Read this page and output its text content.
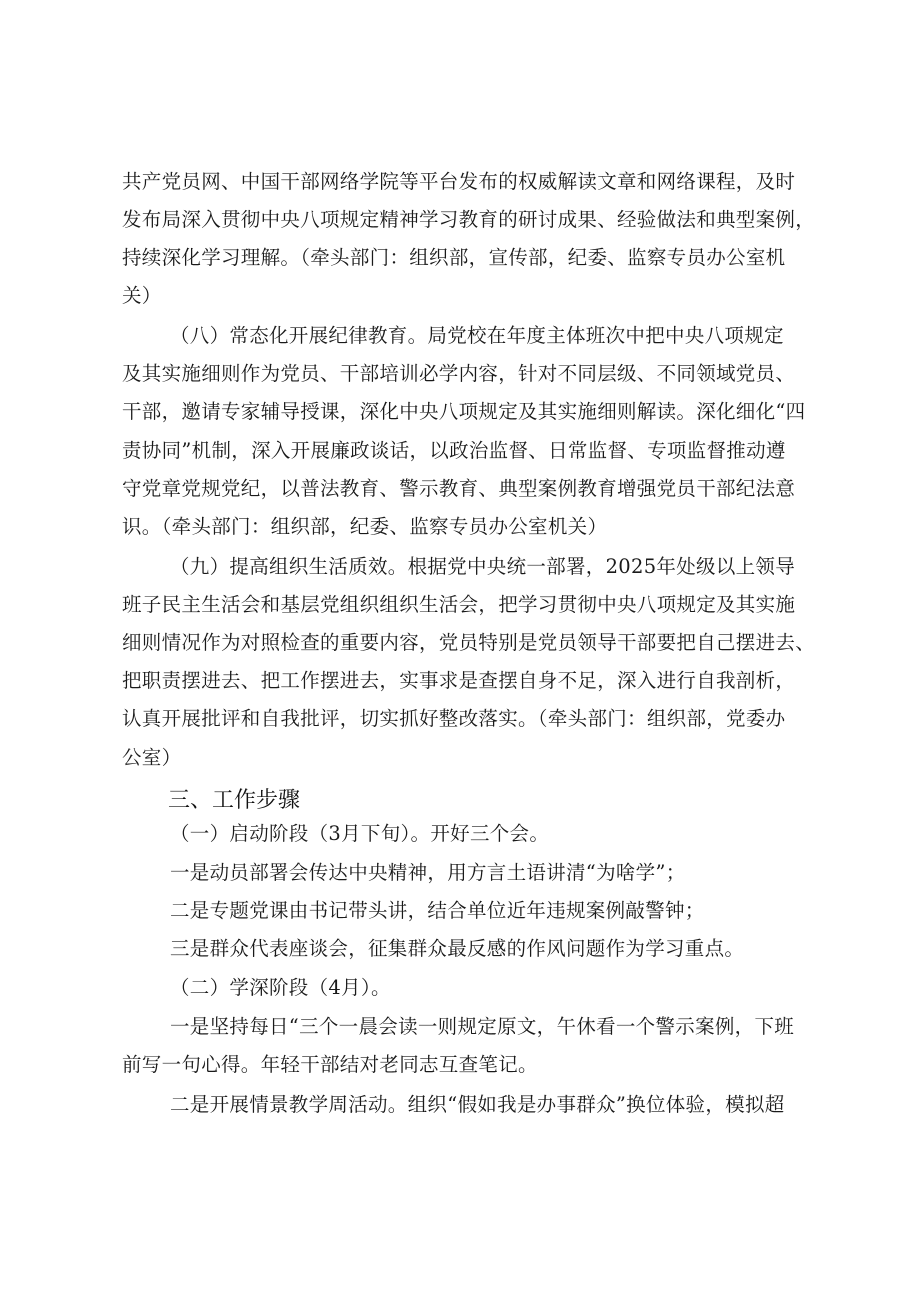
共产党员网、中国干部网络学院等平台发布的权威解读文章和网络课程，及时
发布局深入贯彻中央八项规定精神学习教育的研讨成果、经验做法和典型案例，
持续深化学习理解。（牵头部门：组织部，宣传部，纪委、监察专员办公室机
关）
（八）常态化开展纪律教育。局党校在年度主体班次中把中央八项规定
及其实施细则作为党员、干部培训必学内容，针对不同层级、不同领域党员、
干部，邀请专家辅导授课，深化中央八项规定及其实施细则解读。深化细化“四
责协同”机制，深入开展廉政谈话，以政治监督、日常监督、专项监督推动遵
守党章党规党纪，以普法教育、警示教育、典型案例教育增强党员干部纪法意
识。（牵头部门：组织部，纪委、监察专员办公室机关）
（九）提高组织生活质效。根据党中央统一部署，2025年处级以上领导
班子民主生活会和基层党组织组织生活会，把学习贯彻中央八项规定及其实施
细则情况作为对照检查的重要内容，党员特别是党员领导干部要把自己摆进去、
把职责摆进去、把工作摆进去，实事求是查摆自身不足，深入进行自我剖析，
认真开展批评和自我批评，切实抓好整改落实。（牵头部门：组织部，党委办
公室）
三、工作步骤
（一）启动阶段（3月下旬）。开好三个会。
一是动员部署会传达中央精神，用方言土语讲清“为啥学”；
二是专题党课由书记带头讲，结合单位近年违规案例敲警钟；
三是群众代表座谈会，征集群众最反感的作风问题作为学习重点。
（二）学深阶段（4月）。
一是坚持每日“三个一晨会读一则规定原文，午休看一个警示案例，下班
前写一句心得。年轻干部结对老同志互查笔记。
二是开展情景教学周活动。组织“假如我是办事群众”换位体验，模拟超
